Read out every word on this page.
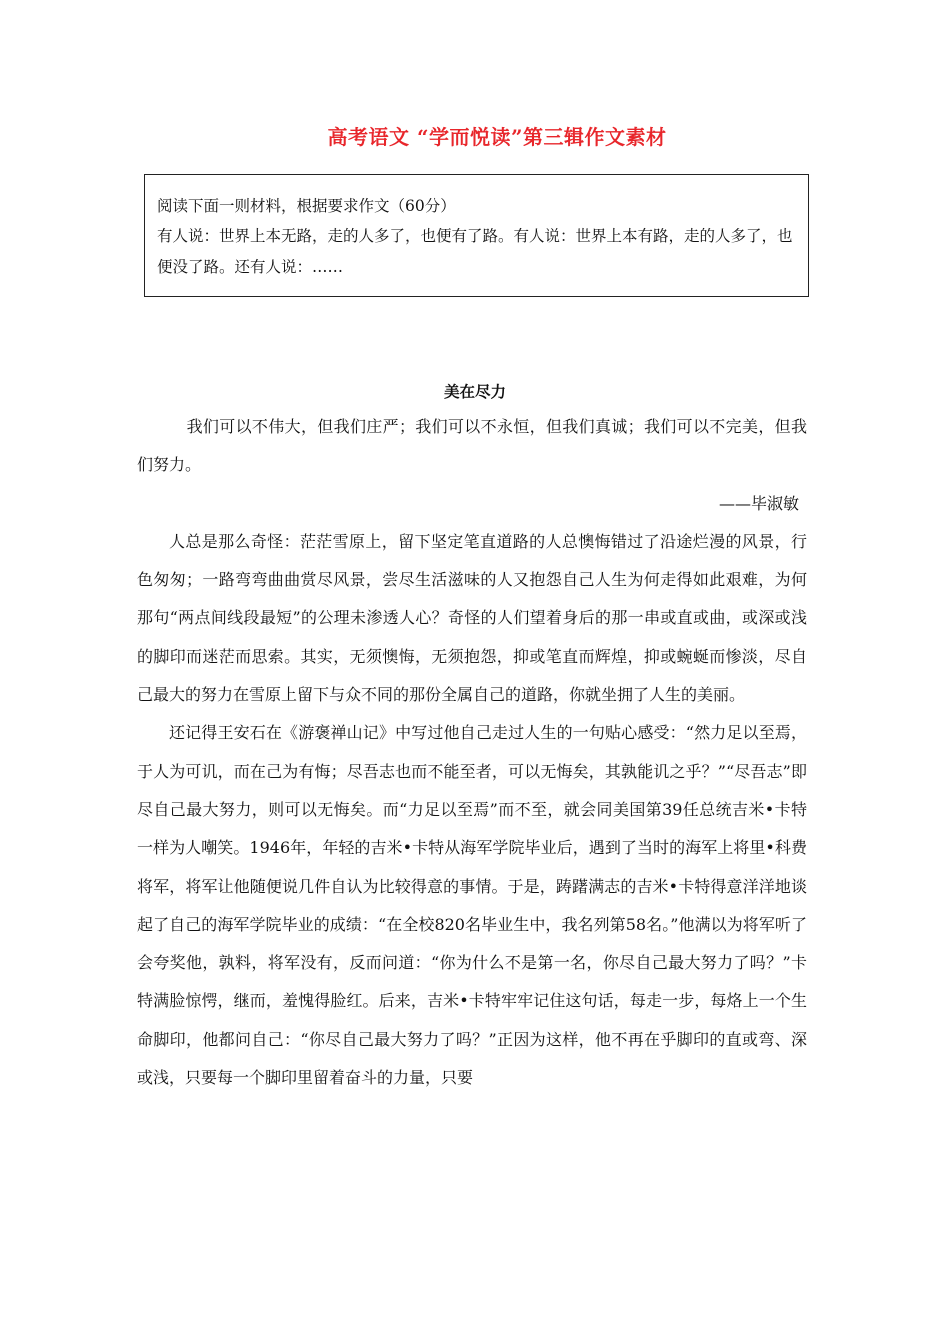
高考语文 “学而悦读”第三辑作文素材

阅读下面一则材料，根据要求作文（60分）

有人说：世界上本无路，走的人多了，也便有了路。有人说：世界上本有路，走的人多了，也便没了路。还有人说：……

美在尽力

我们可以不伟大，但我们庄严；我们可以不永恒，但我们真诚；我们可以不完美，但我们努力。

——毕淑敏

人总是那么奇怪：茫茫雪原上，留下坚定笔直道路的人总懊悔错过了沿途烂漫的风景，行色匆匆；一路弯弯曲曲赏尽风景，尝尽生活滋味的人又抱怨自己人生为何走得如此艰难，为何那句“两点间线段最短”的公理未渗透人心？奇怪的人们望着身后的那一串或直或曲，或深或浅的脚印而迷茫而思索。其实，无须懊悔，无须抱怨，抑或笔直而辉煌，抑或蜿蜒而惨淡，尽自己最大的努力在雪原上留下与众不同的那份全属自己的道路，你就坐拥了人生的美丽。

还记得王安石在《游褒禅山记》中写过他自己走过人生的一句贴心感受：“然力足以至焉，于人为可讥，而在己为有悔；尽吾志也而不能至者，可以无悔矣，其孰能讥之乎？”“尽吾志”即尽自己最大努力，则可以无悔矣。而“力足以至焉”而不至，就会同美国第39任总统吉米•卡特一样为人嘲笑。1946年，年轻的吉米•卡特从海军学院毕业后，遇到了当时的海军上将里•科费将军，将军让他随便说几件自认为比较得意的事情。于是，踌躇满志的吉米•卡特得意洋洋地谈起了自己的海军学院毕业的成绩：“在全校820名毕业生中，我名列第58名。”他满以为将军听了会夸奖他，孰料，将军没有，反而问道：“你为什么不是第一名，你尽自己最大努力了吗？”卡特满脸惊愕，继而，羞愧得脸红。后来，吉米•卡特牢牢记住这句话，每走一步，每烙上一个生命脚印，他都问自己：“你尽自己最大努力了吗？”正因为这样，他不再在乎脚印的直或弯、深或浅，只要每一个脚印里留着奋斗的力量，只要
